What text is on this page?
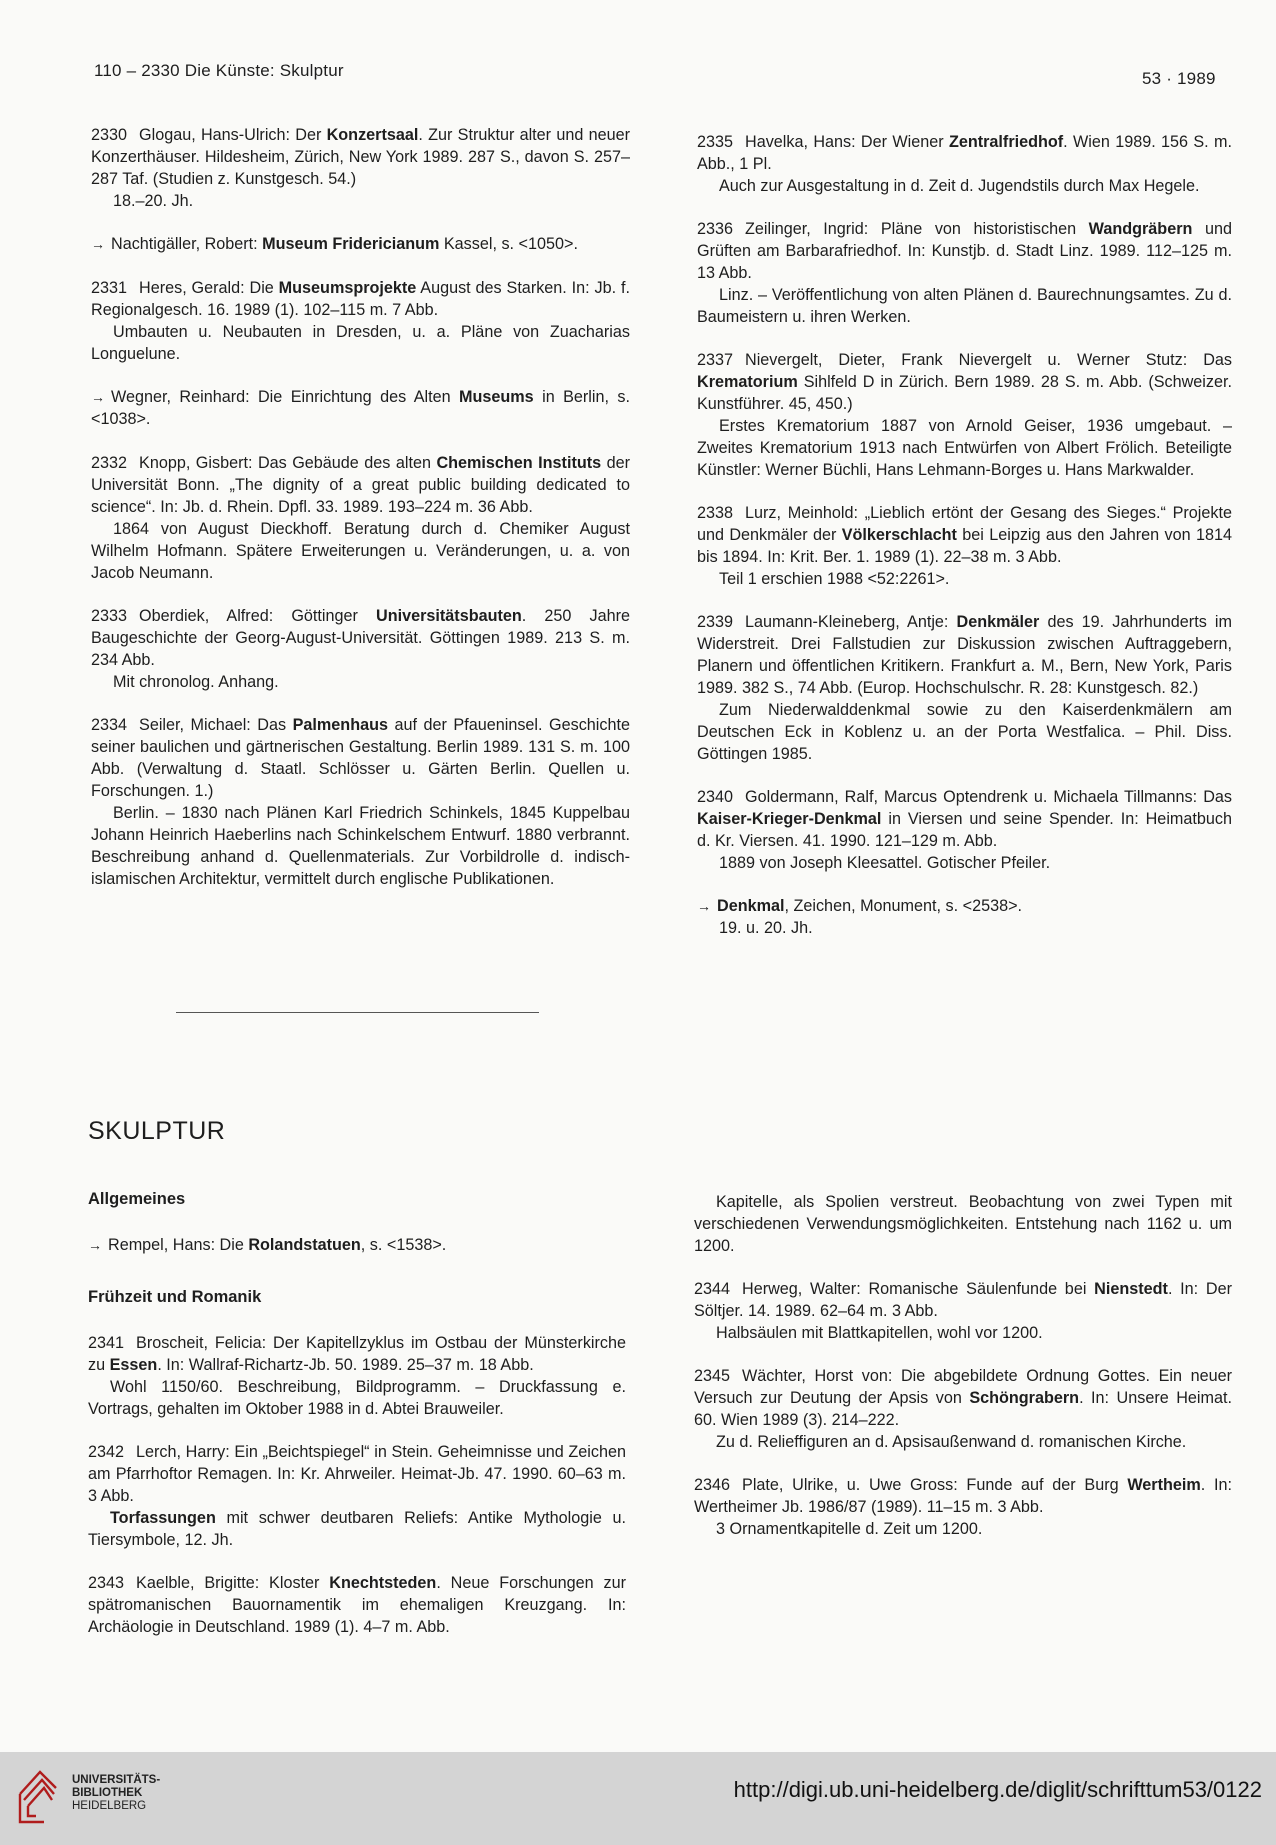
110 – 2330 Die Künste: Skulptur	53 · 1989

2330 Glogau, Hans-Ulrich: Der Konzertsaal. Zur Struktur alter und neuer Konzerthäuser. Hildesheim, Zürich, New York 1989. 287 S., davon S. 257–287 Taf. (Studien z. Kunstgesch. 54.)

18.–20. Jh.

→ Nachtigäller, Robert: Museum Fridericianum Kassel, s. <1050>.

2331 Heres, Gerald: Die Museumsprojekte August des Starken. In: Jb. f. Regionalgesch. 16. 1989 (1). 102–115 m. 7 Abb.

Umbauten u. Neubauten in Dresden, u. a. Pläne von Zuacharias Longuelune.

→ Wegner, Reinhard: Die Einrichtung des Alten Museums in Berlin, s. <1038>.

2332 Knopp, Gisbert: Das Gebäude des alten Chemischen Instituts der Universität Bonn. „The dignity of a great public building dedicated to science“. In: Jb. d. Rhein. Dpfl. 33. 1989. 193–224 m. 36 Abb.

1864 von August Dieckhoff. Beratung durch d. Chemiker August Wilhelm Hofmann. Spätere Erweiterungen u. Veränderungen, u. a. von Jacob Neumann.

2333 Oberdiek, Alfred: Göttinger Universitätsbauten. 250 Jahre Baugeschichte der Georg-August-Universität. Göttingen 1989. 213 S. m. 234 Abb.

Mit chronolog. Anhang.

2334 Seiler, Michael: Das Palmenhaus auf der Pfaueninsel. Geschichte seiner baulichen und gärtnerischen Gestaltung. Berlin 1989. 131 S. m. 100 Abb. (Verwaltung d. Staatl. Schlösser u. Gärten Berlin. Quellen u. Forschungen. 1.)

Berlin. – 1830 nach Plänen Karl Friedrich Schinkels, 1845 Kuppelbau Johann Heinrich Haeberlins nach Schinkelschem Entwurf. 1880 verbrannt. Beschreibung anhand d. Quellenmaterials. Zur Vorbildrolle d. indisch-islamischen Architektur, vermittelt durch englische Publikationen.

2335 Havelka, Hans: Der Wiener Zentralfriedhof. Wien 1989. 156 S. m. Abb., 1 Pl.

Auch zur Ausgestaltung in d. Zeit d. Jugendstils durch Max Hegele.

2336 Zeilinger, Ingrid: Pläne von historistischen Wandgräbern und Grüften am Barbarafriedhof. In: Kunstjb. d. Stadt Linz. 1989. 112–125 m. 13 Abb.

Linz. – Veröffentlichung von alten Plänen d. Baurechnungsamtes. Zu d. Baumeistern u. ihren Werken.

2337 Nievergelt, Dieter, Frank Nievergelt u. Werner Stutz: Das Krematorium Sihlfeld D in Zürich. Bern 1989. 28 S. m. Abb. (Schweizer. Kunstführer. 45, 450.)

Erstes Krematorium 1887 von Arnold Geiser, 1936 umgebaut. – Zweites Krematorium 1913 nach Entwürfen von Albert Frölich. Beteiligte Künstler: Werner Büchli, Hans Lehmann-Borges u. Hans Markwalder.

2338 Lurz, Meinhold: „Lieblich ertönt der Gesang des Sieges.“ Projekte und Denkmäler der Völkerschlacht bei Leipzig aus den Jahren von 1814 bis 1894. In: Krit. Ber. 1. 1989 (1). 22–38 m. 3 Abb.

Teil 1 erschien 1988 <52:2261>.

2339 Laumann-Kleineberg, Antje: Denkmäler des 19. Jahrhunderts im Widerstreit. Drei Fallstudien zur Diskussion zwischen Auftraggebern, Planern und öffentlichen Kritikern. Frankfurt a. M., Bern, New York, Paris 1989. 382 S., 74 Abb. (Europ. Hochschulschr. R. 28: Kunstgesch. 82.)

Zum Niederwalddenkmal sowie zu den Kaiserdenkmälern am Deutschen Eck in Koblenz u. an der Porta Westfalica. – Phil. Diss. Göttingen 1985.

2340 Goldermann, Ralf, Marcus Optendrenk u. Michaela Tillmanns: Das Kaiser-Krieger-Denkmal in Viersen und seine Spender. In: Heimatbuch d. Kr. Viersen. 41. 1990. 121–129 m. Abb.

1889 von Joseph Kleesattel. Gotischer Pfeiler.

→ Denkmal, Zeichen, Monument, s. <2538>.

19. u. 20. Jh.

SKULPTUR
Allgemeines

→ Rempel, Hans: Die Rolandstatuen, s. <1538>.

Frühzeit und Romanik

2341 Broscheit, Felicia: Der Kapitellzyklus im Ostbau der Münsterkirche zu Essen. In: Wallraf-Richartz-Jb. 50. 1989. 25–37 m. 18 Abb.

Wohl 1150/60. Beschreibung, Bildprogramm. – Druckfassung e. Vortrags, gehalten im Oktober 1988 in d. Abtei Brauweiler.

2342 Lerch, Harry: Ein „Beichtspiegel“ in Stein. Geheimnisse und Zeichen am Pfarrhoftor Remagen. In: Kr. Ahrweiler. Heimat-Jb. 47. 1990. 60–63 m. 3 Abb.

Torfassungen mit schwer deutbaren Reliefs: Antike Mythologie u. Tiersymbole, 12. Jh.

2343 Kaelble, Brigitte: Kloster Knechtsteden. Neue Forschungen zur spätromanischen Bauornamentik im ehemaligen Kreuzgang. In: Archäologie in Deutschland. 1989 (1). 4–7 m. Abb.

Kapitelle, als Spolien verstreut. Beobachtung von zwei Typen mit verschiedenen Verwendungsmöglichkeiten. Entstehung nach 1162 u. um 1200.

2344 Herweg, Walter: Romanische Säulenfunde bei Nienstedt. In: Der Söltjer. 14. 1989. 62–64 m. 3 Abb.

Halbsäulen mit Blattkapitellen, wohl vor 1200.

2345 Wächter, Horst von: Die abgebildete Ordnung Gottes. Ein neuer Versuch zur Deutung der Apsis von Schöngrabern. In: Unsere Heimat. 60. Wien 1989 (3). 214–222.

Zu d. Relieffiguren an d. Apsisaußenwand d. romanischen Kirche.

2346 Plate, Ulrike, u. Uwe Gross: Funde auf der Burg Wertheim. In: Wertheimer Jb. 1986/87 (1989). 11–15 m. 3 Abb.

3 Ornamentkapitelle d. Zeit um 1200.

UNIVERSITÄTS-
BIBLIOTHEK
HEIDELBERG
http://digi.ub.uni-heidelberg.de/diglit/schrifttum53/0122
